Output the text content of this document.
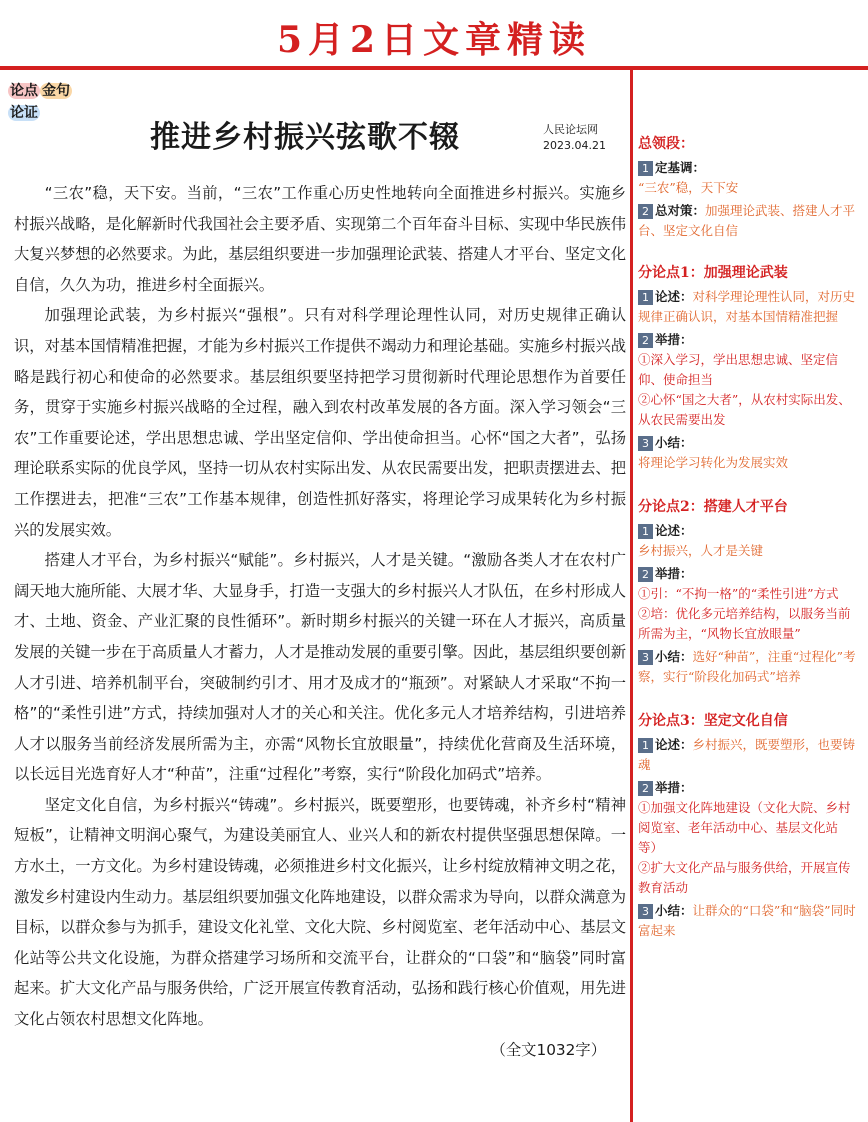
5月2日文章精读
论点 金句
论证
推进乡村振兴弦歌不辍	人民论坛网
2023.04.21

“三农”稳，天下安。当前，“三农”工作重心历史性地转向全面推进乡村振兴。实施乡村振兴战略，是化解新时代我国社会主要矛盾、实现第二个百年奋斗目标、实现中华民族伟大复兴梦想的必然要求。为此，基层组织要进一步加强理论武装、搭建人才平台、坚定文化自信，久久为功，推进乡村全面振兴。

加强理论武装，为乡村振兴“强根”。只有对科学理论理性认同，对历史规律正确认识，对基本国情精准把握，才能为乡村振兴工作提供不竭动力和理论基础。实施乡村振兴战略是践行初心和使命的必然要求。基层组织要坚持把学习贯彻新时代理论思想作为首要任务，贯穿于实施乡村振兴战略的全过程，融入到农村改革发展的各方面。深入学习领会“三农”工作重要论述，学出思想忠诚、学出坚定信仰、学出使命担当。心怀“国之大者”，弘扬理论联系实际的优良学风，坚持一切从农村实际出发、从农民需要出发，把职责摆进去、把工作摆进去，把准“三农”工作基本规律，创造性抓好落实，将理论学习成果转化为乡村振兴的发展实效。

搭建人才平台，为乡村振兴“赋能”。乡村振兴，人才是关键。“激励各类人才在农村广阔天地大施所能、大展才华、大显身手，打造一支强大的乡村振兴人才队伍，在乡村形成人才、土地、资金、产业汇聚的良性循环”。新时期乡村振兴的关键一环在人才振兴，高质量发展的关键一步在于高质量人才蓄力，人才是推动发展的重要引擎。因此，基层组织要创新人才引进、培养机制平台，突破制约引才、用才及成才的“瓶颈”。对紧缺人才采取“不拘一格”的“柔性引进”方式，持续加强对人才的关心和关注。优化多元人才培养结构，引进培养人才以服务当前经济发展所需为主，亦需“风物长宜放眼量”，持续优化营商及生活环境，以长远目光选育好人才“种苗”，注重“过程化”考察，实行“阶段化加码式”培养。

坚定文化自信，为乡村振兴“铸魂”。乡村振兴，既要塑形，也要铸魂，补齐乡村“精神短板”，让精神文明润心聚气，为建设美丽宜人、业兴人和的新农村提供坚强思想保障。一方水土，一方文化。为乡村建设铸魂，必须推进乡村文化振兴，让乡村绽放精神文明之花，激发乡村建设内生动力。基层组织要加强文化阵地建设，以群众需求为导向，以群众满意为目标，以群众参与为抓手，建设文化礼堂、文化大院、乡村阅览室、老年活动中心、基层文化站等公共文化设施，为群众搭建学习场所和交流平台，让群众的“口袋”和“脑袋”同时富起来。扩大文化产品与服务供给，广泛开展宣传教育活动，弘扬和践行核心价值观，用先进文化占领农村思想文化阵地。

（全文1032字）
总领段：
1 定基调：
“三农”稳，天下安
2 总对策：加强理论武装、搭建人才平台、坚定文化自信
分论点1：加强理论武装
1 论述：对科学理论理性认同，对历史规律正确认识，对基本国情精准把握
2 举措：
①深入学习，学出思想忠诚、坚定信仰、使命担当
②心怀“国之大者”，从农村实际出发、从农民需要出发
3 小结：
将理论学习转化为发展实效
分论点2：搭建人才平台
1 论述：
乡村振兴，人才是关键
2 举措：
①引：“不拘一格”的“柔性引进”方式
②培：优化多元培养结构，以服务当前所需为主，“风物长宜放眼量”
3 小结：选好“种苗”，注重“过程化”考察，实行“阶段化加码式”培养
分论点3：坚定文化自信
1 论述：乡村振兴，既要塑形，也要铸魂
2 举措：
①加强文化阵地建设（文化大院、乡村阅览室、老年活动中心、基层文化站等）
②扩大文化产品与服务供给，开展宣传教育活动
3 小结：让群众的“口袋”和“脑袋”同时富起来
